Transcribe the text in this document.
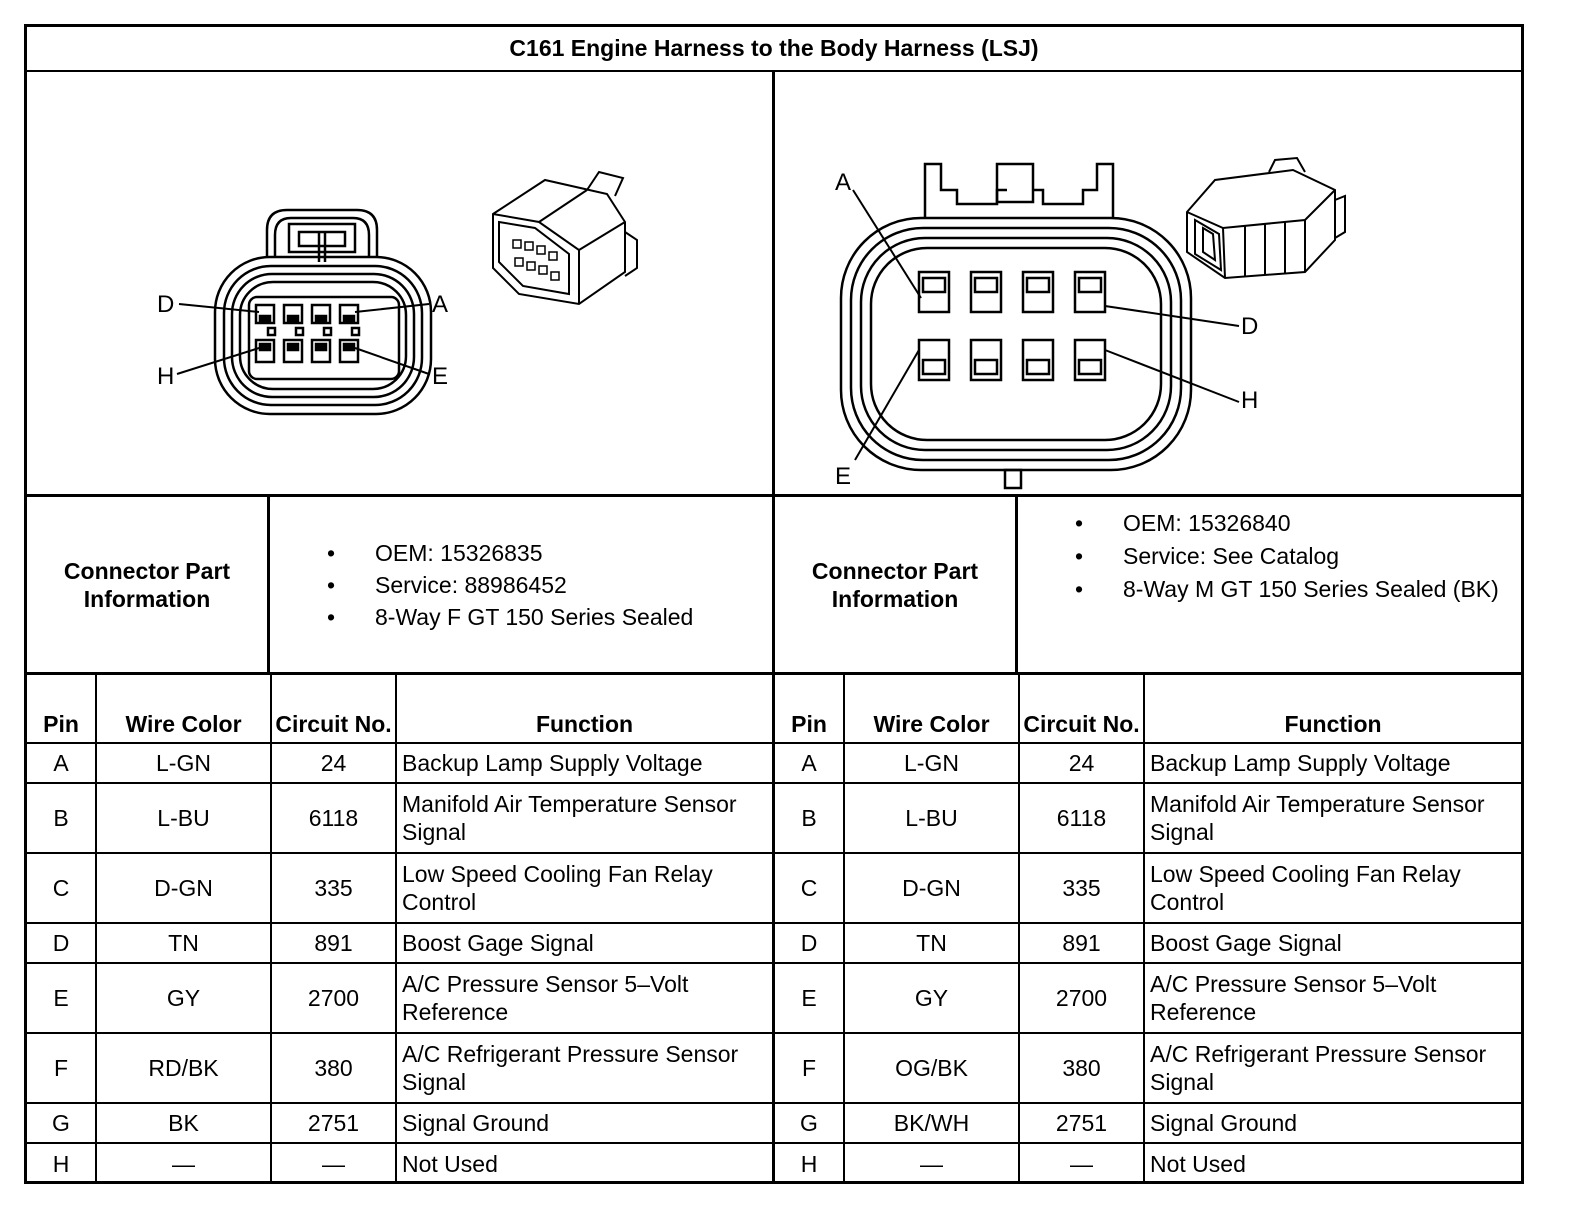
C161 Engine Harness to the Body Harness (LSJ)
D	A
H	E
A
D
E
H
Connector Part Information
• OEM: 15326835
• Service: 88986452
• 8-Way F GT 150 Series Sealed
Connector Part Information
• OEM: 15326840
• Service: See Catalog
• 8-Way M GT 150 Series Sealed (BK)
Pin	Wire Color	Circuit No.	Function
A	L-GN	24	Backup Lamp Supply Voltage
B	L-BU	6118	Manifold Air Temperature Sensor Signal
C	D-GN	335	Low Speed Cooling Fan Relay Control
D	TN	891	Boost Gage Signal
E	GY	2700	A/C Pressure Sensor 5–Volt Reference
F	RD/BK	380	A/C Refrigerant Pressure Sensor Signal
G	BK	2751	Signal Ground
H	—	—	Not Used
Pin	Wire Color	Circuit No.	Function
A	L-GN	24	Backup Lamp Supply Voltage
B	L-BU	6118	Manifold Air Temperature Sensor Signal
C	D-GN	335	Low Speed Cooling Fan Relay Control
D	TN	891	Boost Gage Signal
E	GY	2700	A/C Pressure Sensor 5–Volt Reference
F	OG/BK	380	A/C Refrigerant Pressure Sensor Signal
G	BK/WH	2751	Signal Ground
H	—	—	Not Used
